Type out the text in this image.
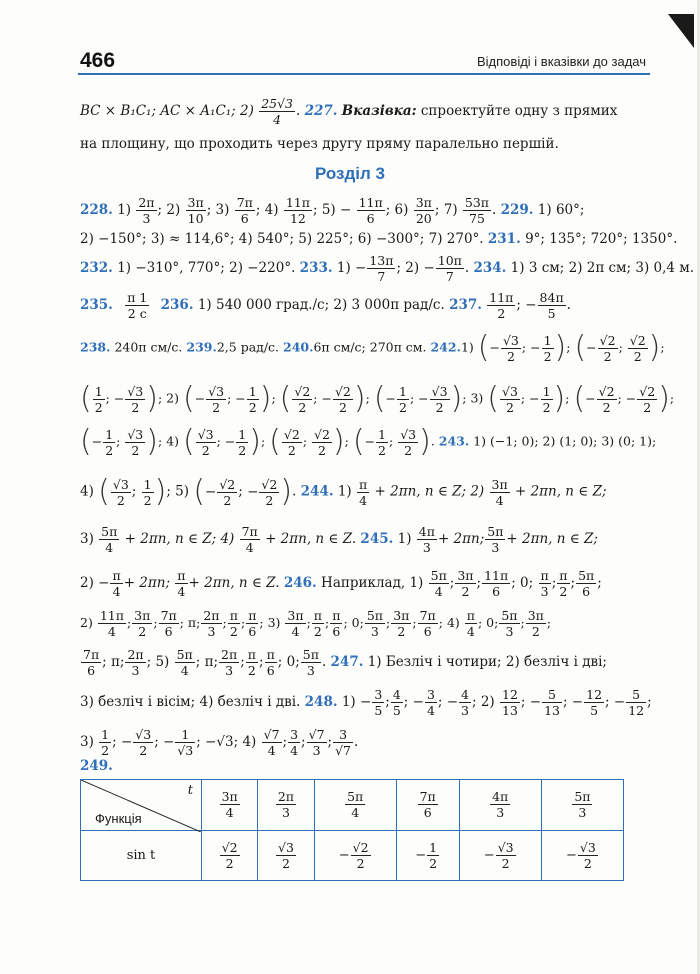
466	Відповіді і вказівки до задач
BC × B₁C₁; AC × A₁C₁; $2) \frac{25√3}{4}$ . 227. Вказівка: спроектуйте одну з прямих
на площину, що проходить через другу пряму паралельно першій.
Розділ 3
228. $1) \frac{2\pi}{3}$ ; $2) \frac{3\pi}{10}$ ; $3) \frac{7\pi}{6}$ ; $4) \frac{11\pi}{12}$ ; $5) - \frac{11\pi}{6}$ ; $6) \frac{3\pi}{20}$ ; $7) \frac{53\pi}{75}$ . 229. 1) 60°;
2) −150°; 3) ≈ 114,6°; 4) 540°; 5) 225°; 6) −300°; 7) 270°. 231. 9°; 135°; 720°; 1350°.
232. 1) −310°, 770°; 2) −220°. 233. $1) - \frac{13\pi}{7}$ ; $2) - \frac{10\pi}{7}$ . 234. 1) 3 см; 2) 2π см; 3) 0,4 м.
235. $\frac{\pi 1}{2 c} 236$. 1) 540 000 град./с; 2) 3 000π рад/с. 237. $\frac{11\pi}{2}$ ; − $\frac{84\pi}{5}$ .
238. 240π см/с. 239.2,5 рад/с. 240.6π см/с; 270π см. 242.1) (− $\frac{√3}{2}$ ; − $\frac{1}{2}$ ); (− $\frac{√2}{2}$ ; $\frac{√2}{2}$ );
( $\frac{1}{2}$ ; − $\frac{√3}{2}$ ); 2) (− $\frac{√3}{2}$ ; − $\frac{1}{2}$ ); ( $\frac{√2}{2}$ ; − $\frac{√2}{2}$ ); (− $\frac{1}{2}$ ; − $\frac{√3}{2}$ ); 3) ( $\frac{√3}{2}$ ; − $\frac{1}{2}$ ); (− $\frac{√2}{2}$ ; − $\frac{√2}{2}$ );
(− $\frac{1}{2}$ ; $\frac{√3}{2}$ ); 4) ( $\frac{√3}{2}$ ; − $\frac{1}{2}$ ); ( $\frac{√2}{2}$ ; $\frac{√2}{2}$ ); (− $\frac{1}{2}$ ; $\frac{√3}{2}$ ). 243. 1) (−1; 0); 2) (1; 0); 3) (0; 1);
4) ( $\frac{√3}{2}$ ; $\frac{1}{2}$ ); 5) (− $\frac{√2}{2}$ ; − $\frac{√2}{2}$ ). 244. $1) \frac{\pi}{4} + 2\pi n$, n ∈ Z; $2) \frac{3\pi}{4} + 2\pi n$, n ∈ Z;
$3) \frac{5\pi}{4} + 2\pi n$, n ∈ Z; $4) \frac{7\pi}{4} + 2\pi n$, n ∈ Z. 245. $1) \frac{4\pi}{3} + 2\pi n$; $\frac{5\pi}{3} + 2\pi n$, n ∈ Z;
$2) - \frac{\pi}{4} + 2\pi n$; $\frac{\pi}{4} + 2\pi n$, n ∈ Z. 246. Наприклад, $1) \frac{5\pi}{4}$ ; $\frac{3\pi}{2}$ ; $\frac{11\pi}{6}$ ; 0; $\frac{\pi}{3}$ ; $\frac{\pi}{2}$ ; $\frac{5\pi}{6}$ ;
$2) \frac{11\pi}{4}$ ; $\frac{3\pi}{2}$ ; $\frac{7\pi}{6}$ ; π; $\frac{2\pi}{3}$ ; $\frac{\pi}{2}$ ; $\frac{\pi}{6}$ ; $3) \frac{3\pi}{4}$ ; $\frac{\pi}{2}$ ; $\frac{\pi}{6}$ ; 0; $\frac{5\pi}{3}$ ; $\frac{3\pi}{2}$ ; $\frac{7\pi}{6}$ ; $4) \frac{\pi}{4}$ ; 0; $\frac{5\pi}{3}$ ; $\frac{3\pi}{2}$ ;
$\frac{7\pi}{6}$ ; π; $\frac{2\pi}{3}$ ; $5) \frac{5\pi}{4}$ ; π; $\frac{2\pi}{3}$ ; $\frac{\pi}{2}$ ; $\frac{\pi}{6}$ ; 0; $\frac{5\pi}{3}$ . 247. 1) Безліч і чотири; 2) безліч і дві;
3) безліч і вісім; 4) безліч і дві. 248. $1) - \frac{3}{5}$ ; $\frac{4}{5}$ ; − $\frac{3}{4}$ ; − $\frac{4}{3}$ ; $2) \frac{12}{13}$ ; − $\frac{5}{13}$ ; − $\frac{12}{5}$ ; − $\frac{5}{12}$ ;
$3) \frac{1}{2}$ ; − $\frac{√3}{2}$ ; − $\frac{1}{√3}$ ; −√3; $4) \frac{√7}{4}$ ; $\frac{3}{4}$ ; $\frac{√7}{3}$ ; $\frac{3}{√7}$ .
249.
t
Функція	$\frac{3\pi}{4}$	$\frac{2\pi}{3}$	$\frac{5\pi}{4}$	$\frac{7\pi}{6}$	$\frac{4\pi}{3}$	$\frac{5\pi}{3}$

sin t	$\frac{√2}{2}$	$\frac{√3}{2}$	− $\frac{√2}{2}$	− $\frac{1}{2}$	− $\frac{√3}{2}$	− $\frac{√3}{2}$
